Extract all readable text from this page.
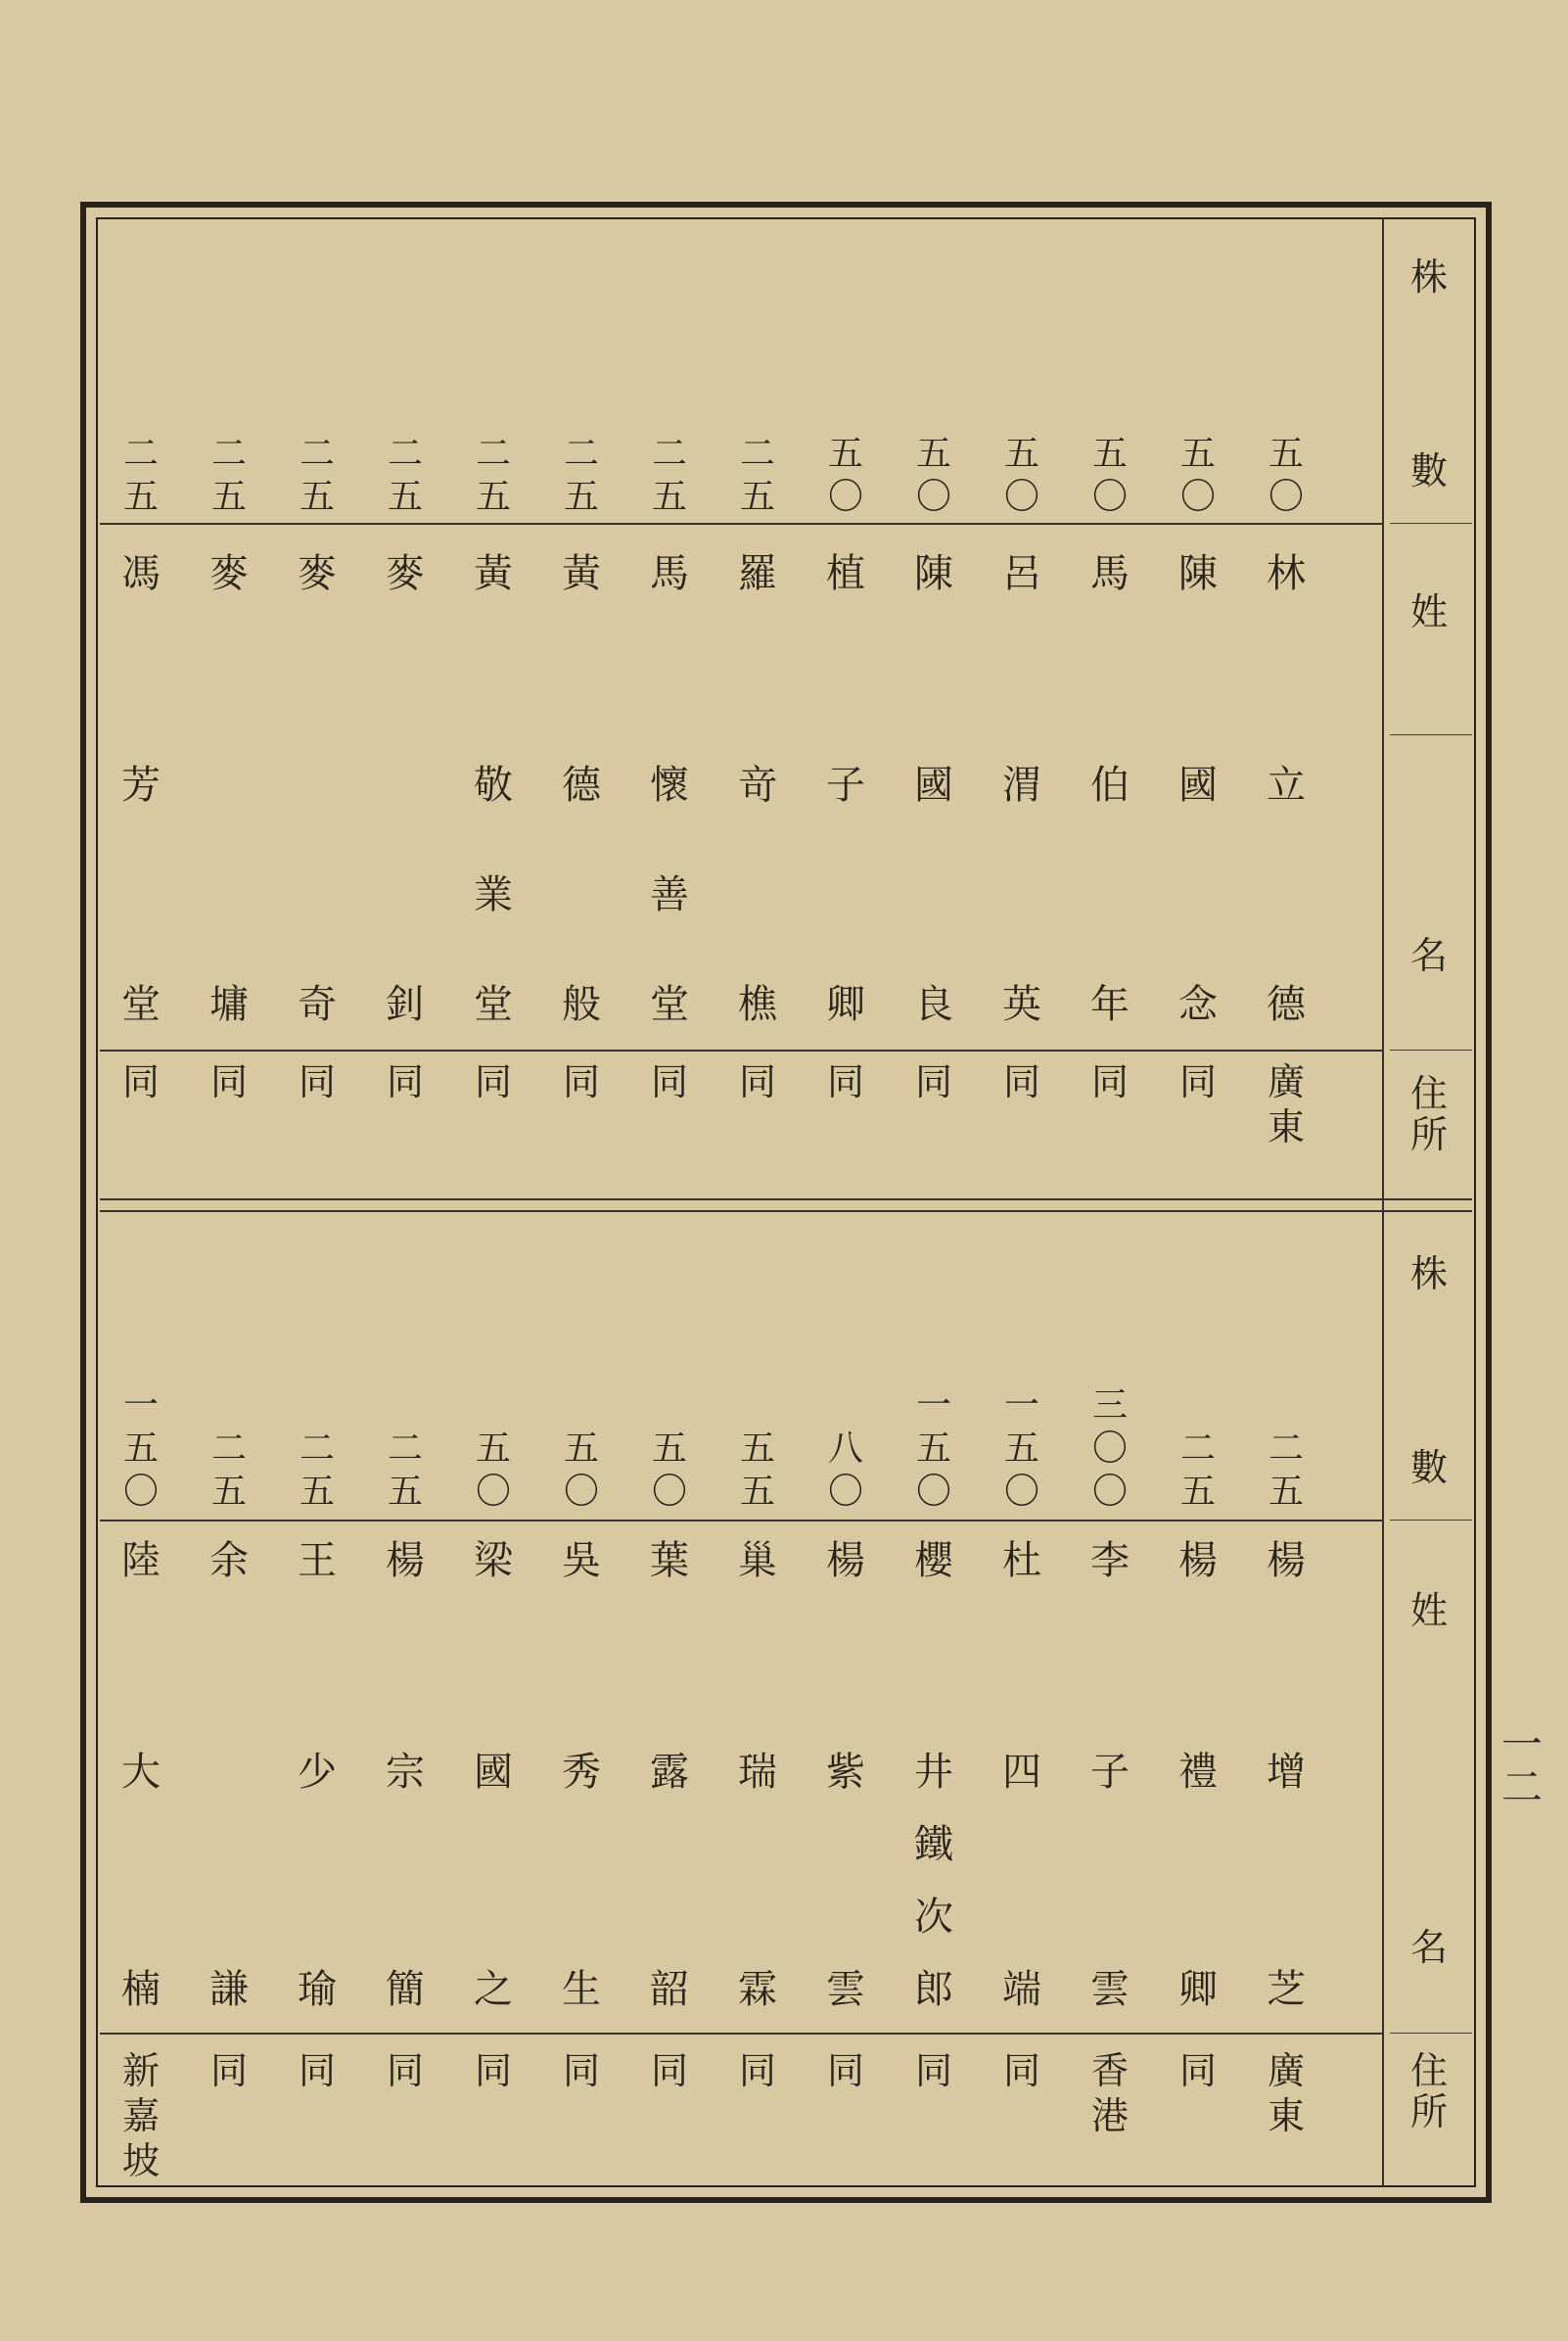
一
二
株
數
姓
名
住
所
株
數
姓
名
住
所
五
〇
林
立
德
廣
東
五
〇
陳
國
念
同
五
〇
馬
伯
年
同
五
〇
呂
渭
英
同
五
〇
陳
國
良
同
五
〇
植
子
卿
同
二
五
羅
竒
樵
同
二
五
馬
懷
善
堂
同
二
五
黃
德
般
同
二
五
黃
敬
業
堂
同
二
五
麥
釗
同
二
五
麥
奇
同
二
五
麥
墉
同
二
五
馮
芳
堂
同
二
五
楊
增
芝
廣
東
二
五
楊
禮
卿
同
三
〇
〇
李
子
雲
香
港
一
五
〇
杜
四
端
同
一
五
〇
櫻
井
鐵
次
郎
同
八
〇
楊
紫
雲
同
五
五
巢
瑞
霖
同
五
〇
葉
露
韶
同
五
〇
吳
秀
生
同
五
〇
梁
國
之
同
二
五
楊
宗
簡
同
二
五
王
少
瑜
同
二
五
余
謙
同
一
五
〇
陸
大
楠
新
嘉
坡
